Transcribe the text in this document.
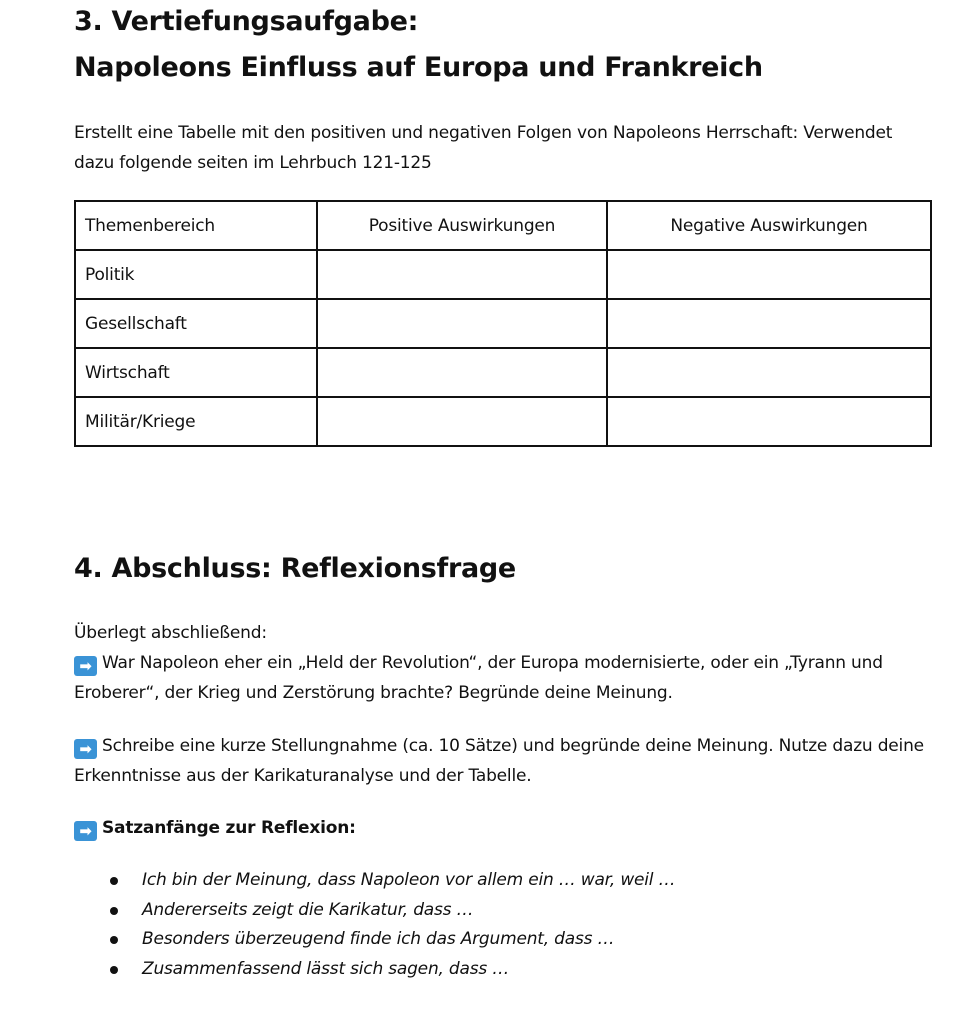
3. Vertiefungsaufgabe:
Napoleons Einfluss auf Europa und Frankreich

Erstellt eine Tabelle mit den positiven und negativen Folgen von Napoleons Herrschaft: Verwendet
dazu folgende seiten im Lehrbuch 121-125

Themenbereich	Positive Auswirkungen	Negative Auswirkungen
Politik		
Gesellschaft		
Wirtschaft		
Militär/Kriege		
4. Abschluss: Reflexionsfrage

Überlegt abschließend:
➡ War Napoleon eher ein „Held der Revolution“, der Europa modernisierte, oder ein „Tyrann und
Eroberer“, der Krieg und Zerstörung brachte? Begründe deine Meinung.

➡ Schreibe eine kurze Stellungnahme (ca. 10 Sätze) und begründe deine Meinung. Nutze dazu deine
Erkenntnisse aus der Karikaturanalyse und der Tabelle.

➡ Satzanfänge zur Reflexion:

Ich bin der Meinung, dass Napoleon vor allem ein … war, weil …
Andererseits zeigt die Karikatur, dass …
Besonders überzeugend finde ich das Argument, dass …
Zusammenfassend lässt sich sagen, dass …
